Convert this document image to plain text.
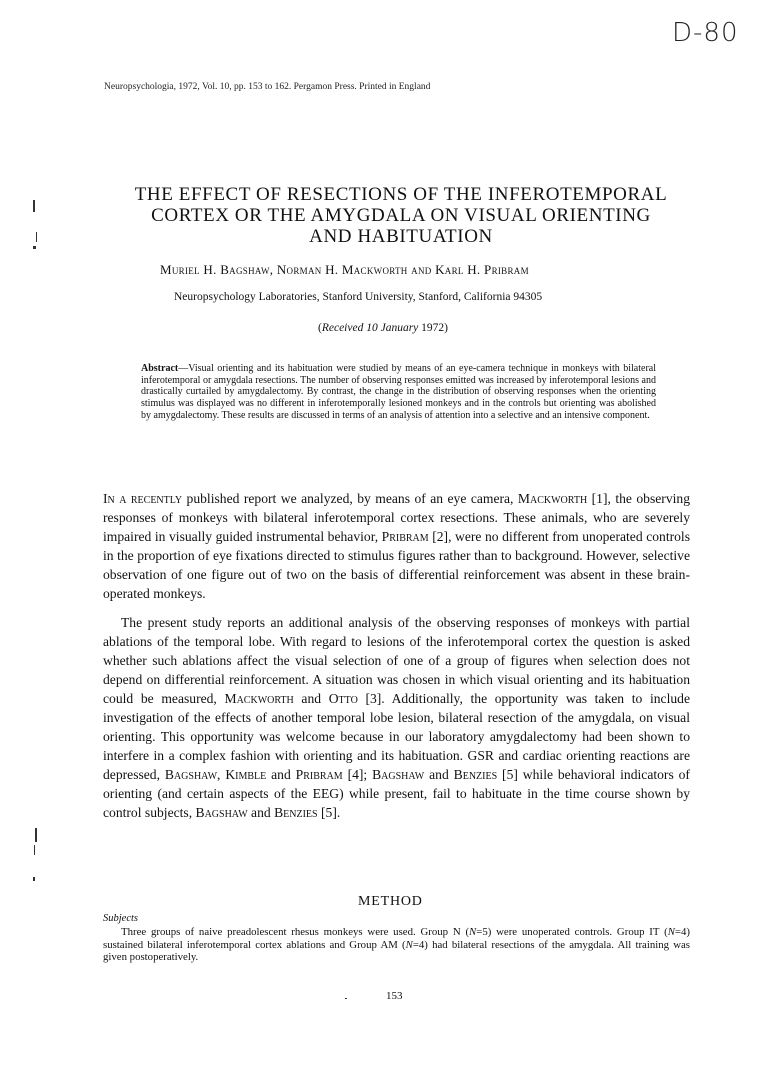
D-80
Neuropsychologia, 1972, Vol. 10, pp. 153 to 162. Pergamon Press. Printed in England
THE EFFECT OF RESECTIONS OF THE INFEROTEMPORAL
CORTEX OR THE AMYGDALA ON VISUAL ORIENTING
AND HABITUATION
Muriel H. Bagshaw, Norman H. Mackworth and Karl H. Pribram
Neuropsychology Laboratories, Stanford University, Stanford, California 94305
(Received 10 January 1972)

Abstract—Visual orienting and its habituation were studied by means of an eye-camera technique in monkeys with bilateral inferotemporal or amygdala resections. The number of observing responses emitted was increased by inferotemporal lesions and drastically curtailed by amygdalectomy. By contrast, the change in the distribution of observing responses when the orienting stimulus was displayed was no different in inferotemporally lesioned monkeys and in the controls but orienting was abolished by amygdalectomy. These results are discussed in terms of an analysis of attention into a selective and an intensive component.

In a recently published report we analyzed, by means of an eye camera, Mackworth [1], the observing responses of monkeys with bilateral inferotemporal cortex resections. These animals, who are severely impaired in visually guided instrumental behavior, Pribram [2], were no different from unoperated controls in the proportion of eye fixations directed to stimulus figures rather than to background. However, selective observation of one figure out of two on the basis of differential reinforcement was absent in these brain-operated monkeys.

The present study reports an additional analysis of the observing responses of monkeys with partial ablations of the temporal lobe. With regard to lesions of the inferotemporal cortex the question is asked whether such ablations affect the visual selection of one of a group of figures when selection does not depend on differential reinforcement. A situation was chosen in which visual orienting and its habituation could be measured, Mackworth and Otto [3]. Additionally, the opportunity was taken to include investigation of the effects of another temporal lobe lesion, bilateral resection of the amygdala, on visual orienting. This opportunity was welcome because in our laboratory amygdalectomy had been shown to interfere in a complex fashion with orienting and its habituation. GSR and cardiac orienting reactions are depressed, Bagshaw, Kimble and Pribram [4]; Bagshaw and Benzies [5] while behavioral indicators of orienting (and certain aspects of the EEG) while present, fail to habituate in the time course shown by control subjects, Bagshaw and Benzies [5].

METHOD
Subjects

Three groups of naive preadolescent rhesus monkeys were used. Group N (N=5) were unoperated controls. Group IT (N=4) sustained bilateral inferotemporal cortex ablations and Group AM (N=4) had bilateral resections of the amygdala. All training was given postoperatively.

153
